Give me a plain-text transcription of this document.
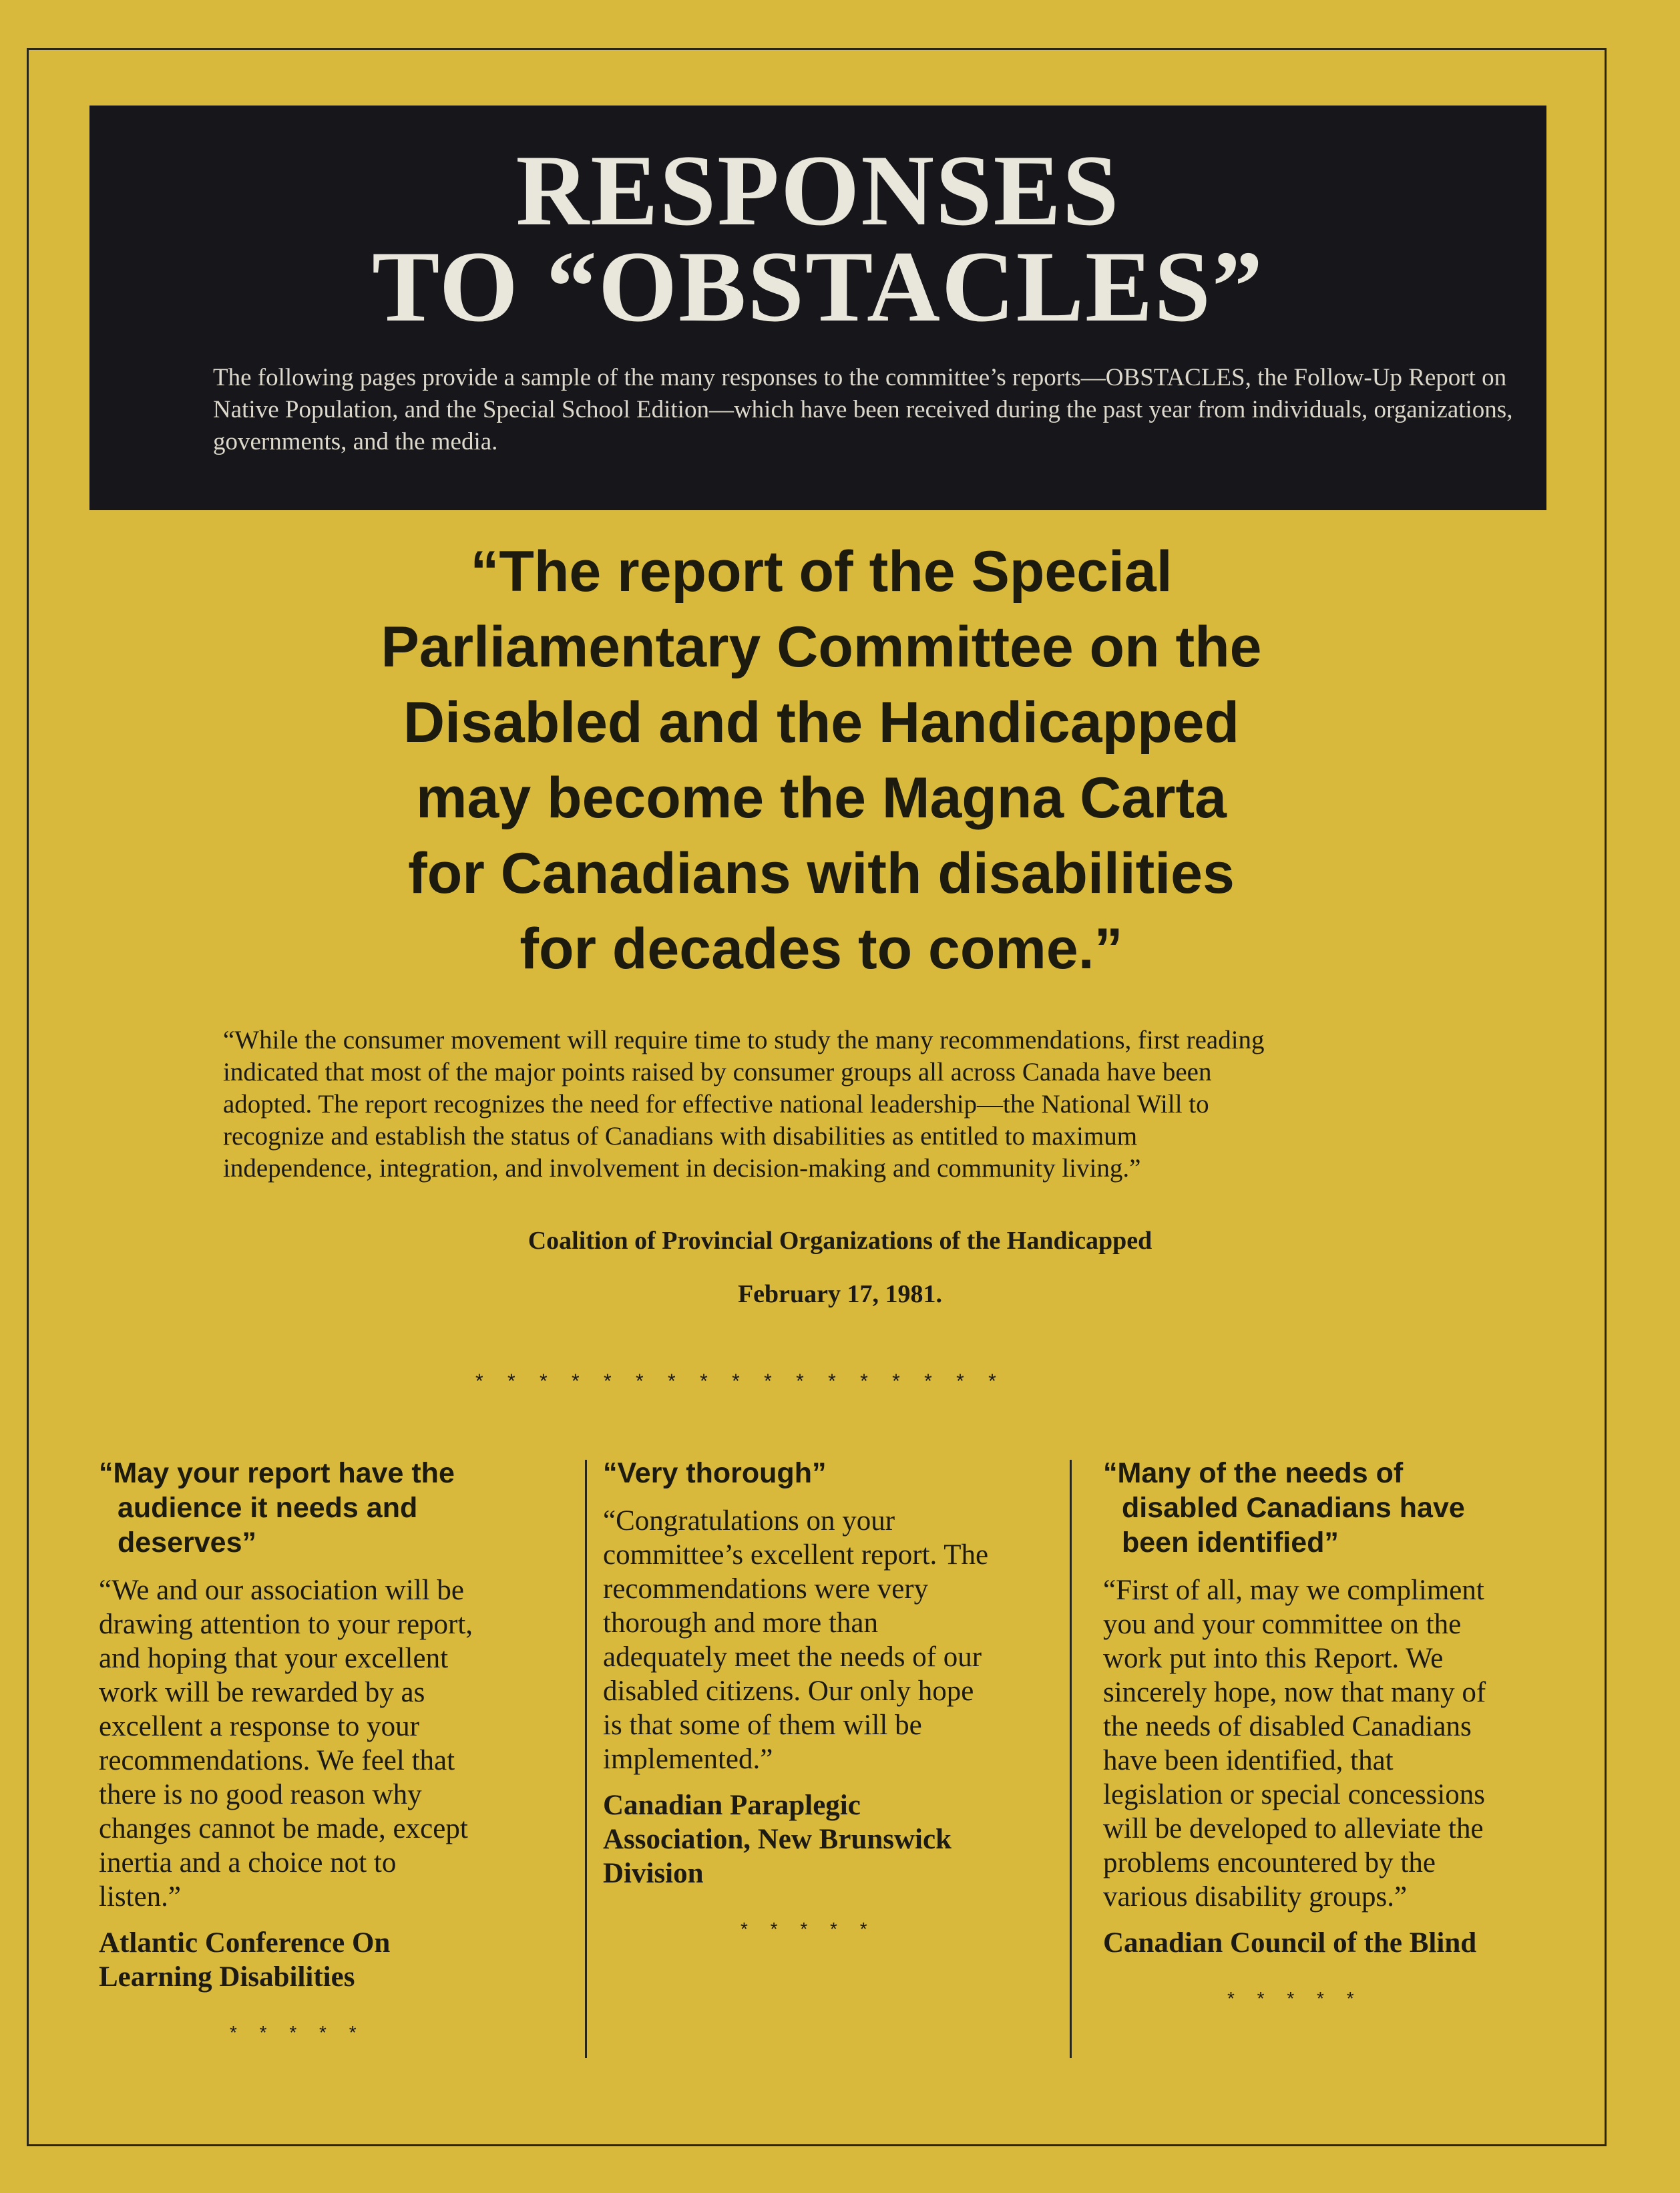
RESPONSES
TO “OBSTACLES”
The following pages provide a sample of the many responses to the committee’s reports—OBSTACLES, the Follow-Up Report on Native Population, and the Special School Edition—which have been received during the past year from individuals, organizations, governments, and the media.
“The report of the Special
Parliamentary Committee on the
Disabled and the Handicapped
may become the Magna Carta
for Canadians with disabilities
for decades to come.”
“While the consumer movement will require time to study the many recommendations, first reading
indicated that most of the major points raised by consumer groups all across Canada have been
adopted. The report recognizes the need for effective national leadership—the National Will to
recognize and establish the status of Canadians with disabilities as entitled to maximum
independence, integration, and involvement in decision-making and community living.”
Coalition of Provincial Organizations of the Handicapped
February 17, 1981.
* * * * * * * * * * * * * * * * *
“May your report have the
audience it needs and
deserves”
“We and our association will be
drawing attention to your report,
and hoping that your excellent
work will be rewarded by as
excellent a response to your
recommendations. We feel that
there is no good reason why
changes cannot be made, except
inertia and a choice not to
listen.”
Atlantic Conference On
Learning Disabilities
* * * * *
“Very thorough”
“Congratulations on your
committee’s excellent report. The
recommendations were very
thorough and more than
adequately meet the needs of our
disabled citizens. Our only hope
is that some of them will be
implemented.”
Canadian Paraplegic
Association, New Brunswick
Division
* * * * *
“Many of the needs of
disabled Canadians have
been identified”
“First of all, may we compliment
you and your committee on the
work put into this Report. We
sincerely hope, now that many of
the needs of disabled Canadians
have been identified, that
legislation or special concessions
will be developed to alleviate the
problems encountered by the
various disability groups.”
Canadian Council of the Blind
* * * * *
